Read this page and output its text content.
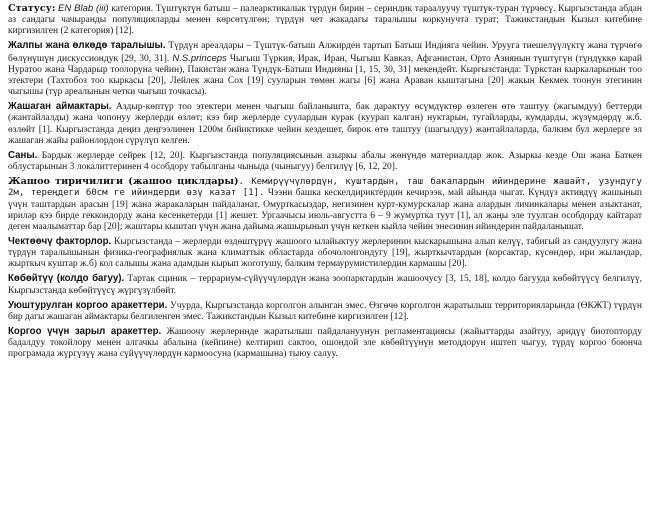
Статусу: EN Blab (iii) категория. Түштүктүн батыш – палеарктикалык түрдүн бирин – сериндик тараалуучу түштүк-туран түрчөсү. Кыргызстанда абдан аз сандагы чачыранды популяцияларды менен көрсөтүлгөн; түрдүн чет жакадагы таралышы коркунучта турат; Тажикстандын Кызыл китебине киргизилген (2 категория) [12].

Жалпы жана өлкөдө таралышы. Түрдүн ареалдары – Түштүк-батыш Алжирден тартып Батыш Индияга чейин. Уруугa тиешелүүлүктү жана түрчөгө бөлүнүшүн дискуссиондук [29, 30, 31]. N.S.princeps Чыгыш Түркия, Ирак, Иран, Чыгыш Кавказ, Афганистан, Орто Азиянын түштүгүн (түндүккө карай Нуратоо жана Чардарыр тоолоруна чейин), Пакистан жана Түндүк-Батыш Индияны [1, 15, 30, 31] мекендейт. Кыргызстанда: Түркстан кыркаларынын тоо этектери (Тахтобоз тоо кыркасы [20], Лейлек жана Сох [19] сууларын төмөн жагы [6] жана Араван кыштагына [20] жакын Кекмек тоонун этегинин чыгышы (түр ареалынын четки чыгыш точкасы).

Жашаган аймактары. Аздыр-көптүр тоо этектери менен чыгыш байланышта, бак дарактуу өсүмдүктөр өзлеген өтө таштуу (жагымдуу) беттерди (жантайлалды) жана чопонуу жерлерди өзлөт; кээ бир жерлерде суулардын курак (куурап калган) нуктарын, тугайларды, кумдарды, жүзүмдөрдү ж.б. өзлөйт [1]. Кыргызстанда деңиз деңгээлинен 1200м бийиктикке чейин кездешет, бирок өтө таштуу (шагылдуу) жантайлаларда, балким бул жерлерге эл жашаган жайы районлордон сүрүлүп келген.

Саны. Бардык жерлерде сейрек [12, 20]. Кыргызстанда популяциясынын азыркы абалы жөнүндө материалдар жок. Азыркы кезде Ош жана Баткен облустарынын 3 локалиттеринен 4 особдору табылганы чыныда (чыныгуу) белгилүү [6, 12, 20].

Жашоо тиричилиги (жашоо циклдары). Кемирүүчүлөрдүн, куштардын, таш бакалардын ийиндерине жашайт, узундугу 2м, тереңдеги 60см ге ийиндерди өзү казат [1]. Чээни башка кескелдириктердин кечирээк, май айында чыгат. Күндүз активдүү жашынып үчүн таштардын арасын [19] жана жаракаларын пайдаланат. Омурткасыздар, негизинен курт-кумурскалар жана алардын личинкалары менен азыктанат, ириләр кээ бирде геккондорду жана кесенкетерди [1] жешет. Ургаачысы июль-августта 6 – 9 жумуртка туут [1], ал жаңы эле туулган особдорду кайтарат деген маалыматтар бар [20]; жаштары кыштап үчүн жана дайыма жашырынып үчүн кеткен кыйла чейин энесинин ийиндерин пайдаланышат.

Чектөөчү факторлор. Кыргызстанда – жерлерди өздөштүрүү жашоого ылайыктуу жерлеринин кыскарышына алып келүү, табигый аз сандуулугу жана түрдүн таралышынын физика-географиялык жана климаттык областарда обочолонгондугу [19], жырткычтардын (корсактар, күсөндөр, ири жыландар, жырткыч куштар ж.б) кол салышы жана адамдын кырып жоготушу, балким термаурумистилердин кармашы [20].

Көбөйтүү (колдо багуу). Тартак сциник – террариум-сүйүүчүлөрдүн жана зоопарктардын жашоочусу [3, 15, 18], колдо багууда көбөйтүүсү белгилүү, Кыргызстанда көбөйтүүсү жүргүзүлбөйт.

Уюштурулган коргоо аракеттери. Учурда, Кыргызстанда корголгон алынган эмес. Өзгөчө корголгон жаратылыш территорияларында (ӨКЖТ) түрдүн бир дагы жашаган аймактары белгиленген эмес. Тажикстандын Кызыл китебине киргизилген [12].

Коргоо үчүн зарыл аракеттер. Жашоочу жерлеринде жаратылыш пайдалануунун регламентациясы (жайыттарды азайтуу, аридүү биотопторду бадалдуу токойлору менен алгачкы абалына (кейпине) келтирип сактоо, ошондой эле көбөйтүүнүн методдорун иштеп чыгуу, түрдү коргоо боюнча програмада жүргүзүү жана сүйүүчүлөрдүн кармоосуна (кармашына) тыюу салуу.
